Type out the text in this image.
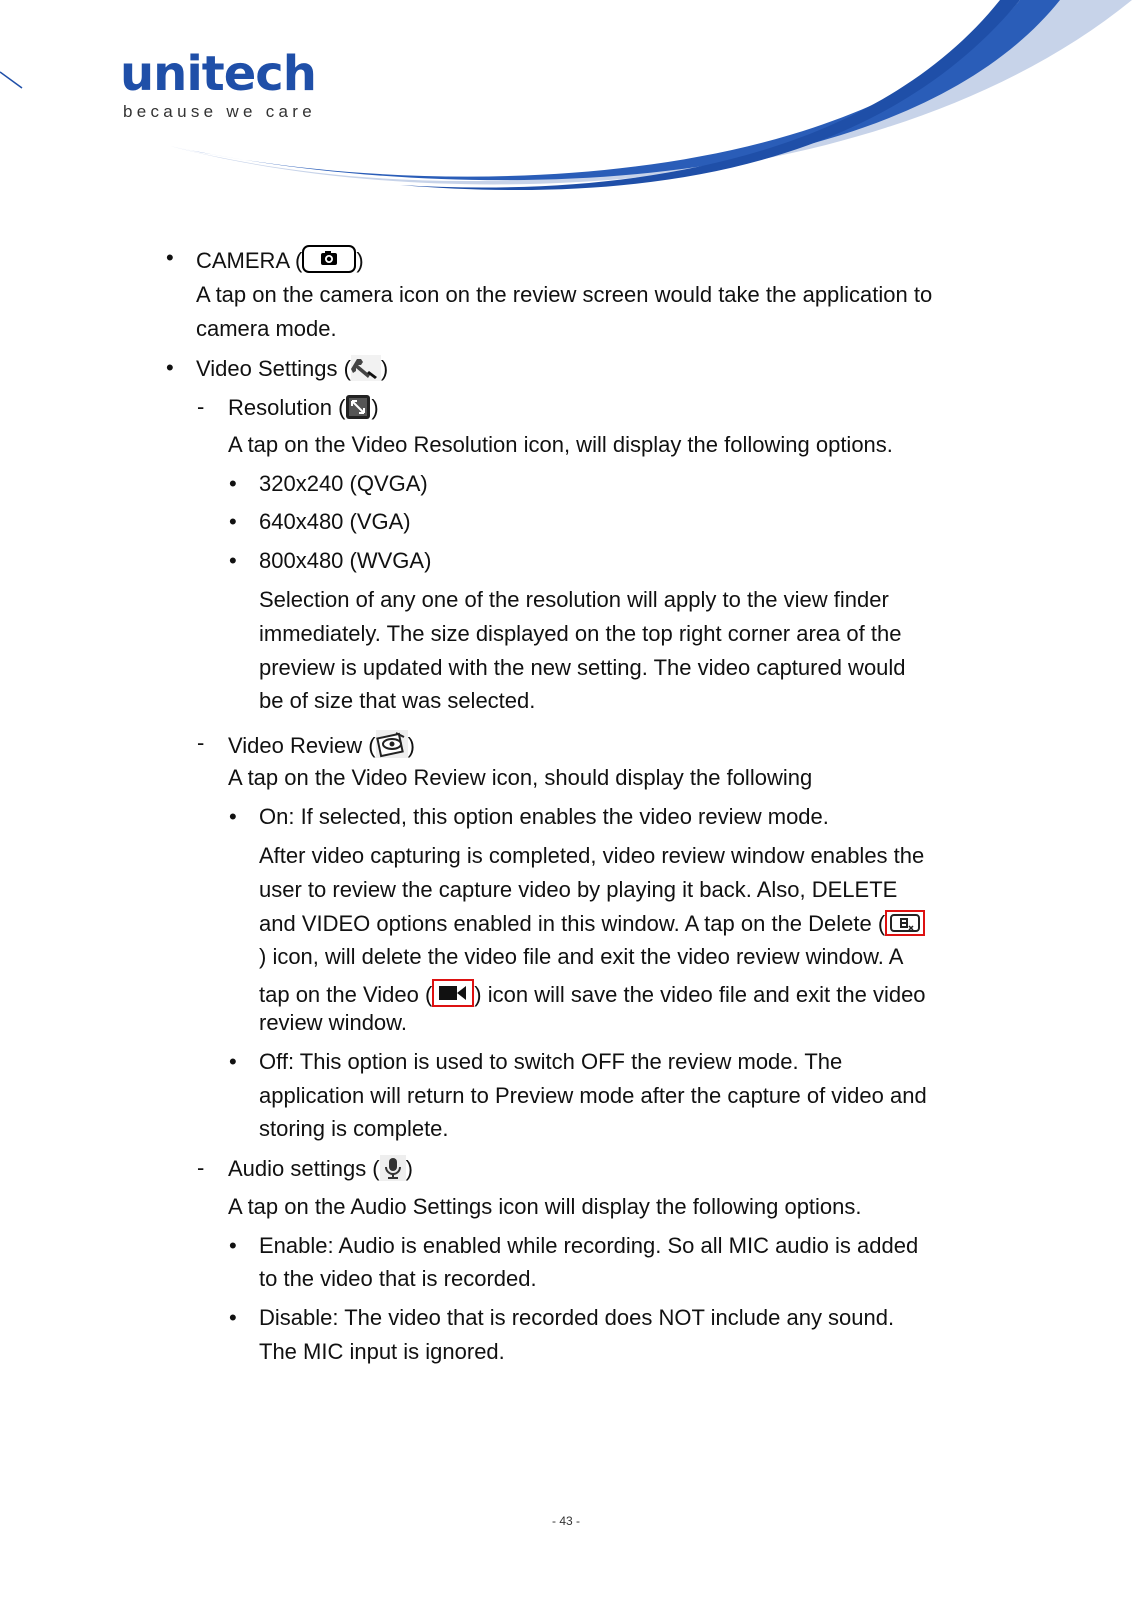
unitech
because we care
• CAMERA ( )
A tap on the camera icon on the review screen would take the application to
camera mode.
• Video Settings ( )
- Resolution ( )
A tap on the Video Resolution icon, will display the following options.
• 320x240 (QVGA)
• 640x480 (VGA)
• 800x480 (WVGA)
Selection of any one of the resolution will apply to the view finder
immediately. The size displayed on the top right corner area of the
preview is updated with the new setting. The video captured would
be of size that was selected.
- Video Review ( )
A tap on the Video Review icon, should display the following
• On: If selected, this option enables the video review mode.
After video capturing is completed, video review window enables the
user to review the capture video by playing it back. Also, DELETE
and VIDEO options enabled in this window. A tap on the Delete (
) icon, will delete the video file and exit the video review window. A
tap on the Video ( ) icon will save the video file and exit the video
review window.
• Off: This option is used to switch OFF the review mode. The
application will return to Preview mode after the capture of video and
storing is complete.
- Audio settings ( )
A tap on the Audio Settings icon will display the following options.
• Enable: Audio is enabled while recording. So all MIC audio is added
to the video that is recorded.
• Disable: The video that is recorded does NOT include any sound.
The MIC input is ignored.
- 43 -
